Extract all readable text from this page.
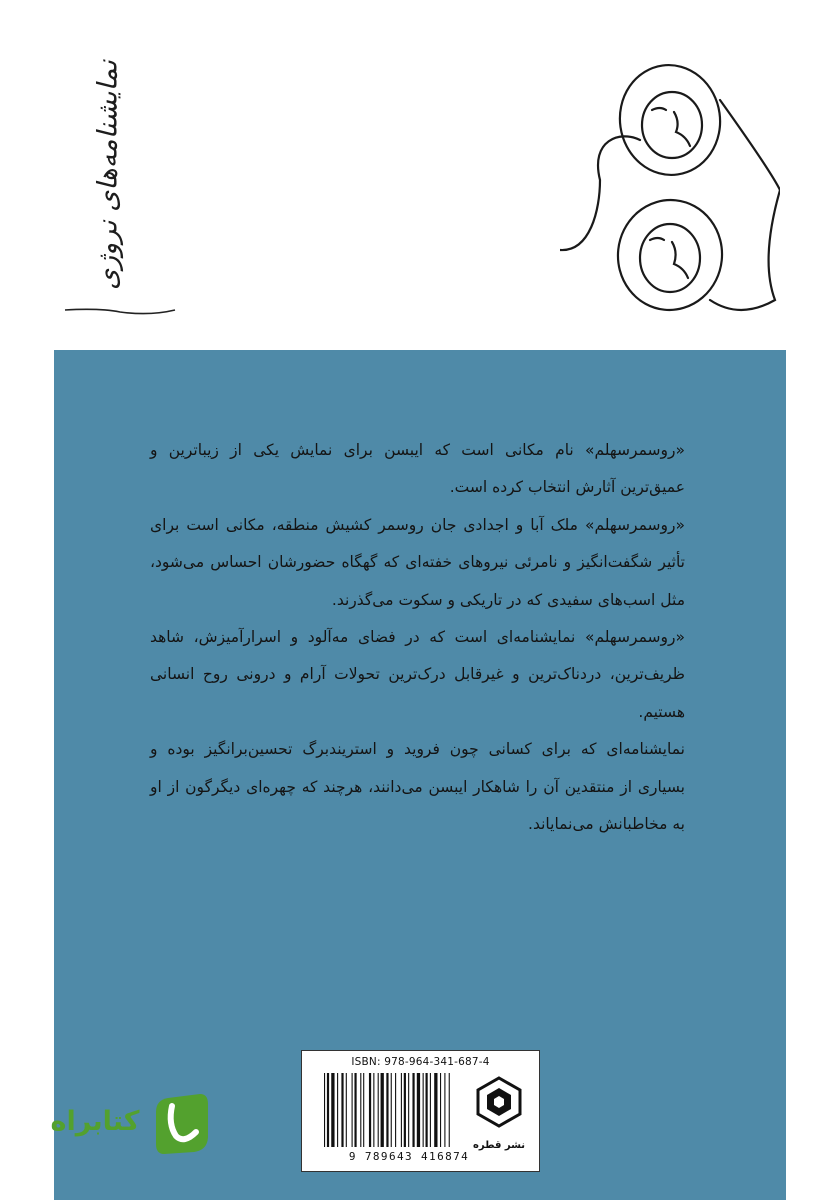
نمایشنامه‌های نروژی

«روسمرسهلم» نام مکانی است که ایبسن برای نمایش یکی از زیباترین و عمیق‌ترین آثارش انتخاب کرده است.

«روسمرسهلم» ملک آبا و اجدادی جان روسمر کشیش منطقه، مکانی است برای تأثیر شگفت‌انگیز و نامرئی نیروهای خفته‌ای که گهگاه حضورشان احساس می‌شود، مثل اسب‌های سفیدی که در تاریکی و سکوت می‌گذرند.

«روسمرسهلم» نمایشنامه‌ای است که در فضای مه‌آلود و اسرارآمیزش، شاهد ظریف‌ترین، دردناک‌ترین و غیرقابل درک‌ترین تحولات آرام و درونی روح انسانی هستیم.

نمایشنامه‌ای که برای کسانی چون فروید و استریندبرگ تحسین‌برانگیز بوده و بسیاری از منتقدین آن را شاهکار ایبسن می‌دانند، هرچند که چهره‌ای دیگرگون از او به مخاطبانش می‌نمایاند.

ISBN: 978-964-341-687-4
9 789643 416874
نشر قطره
کتابراه
